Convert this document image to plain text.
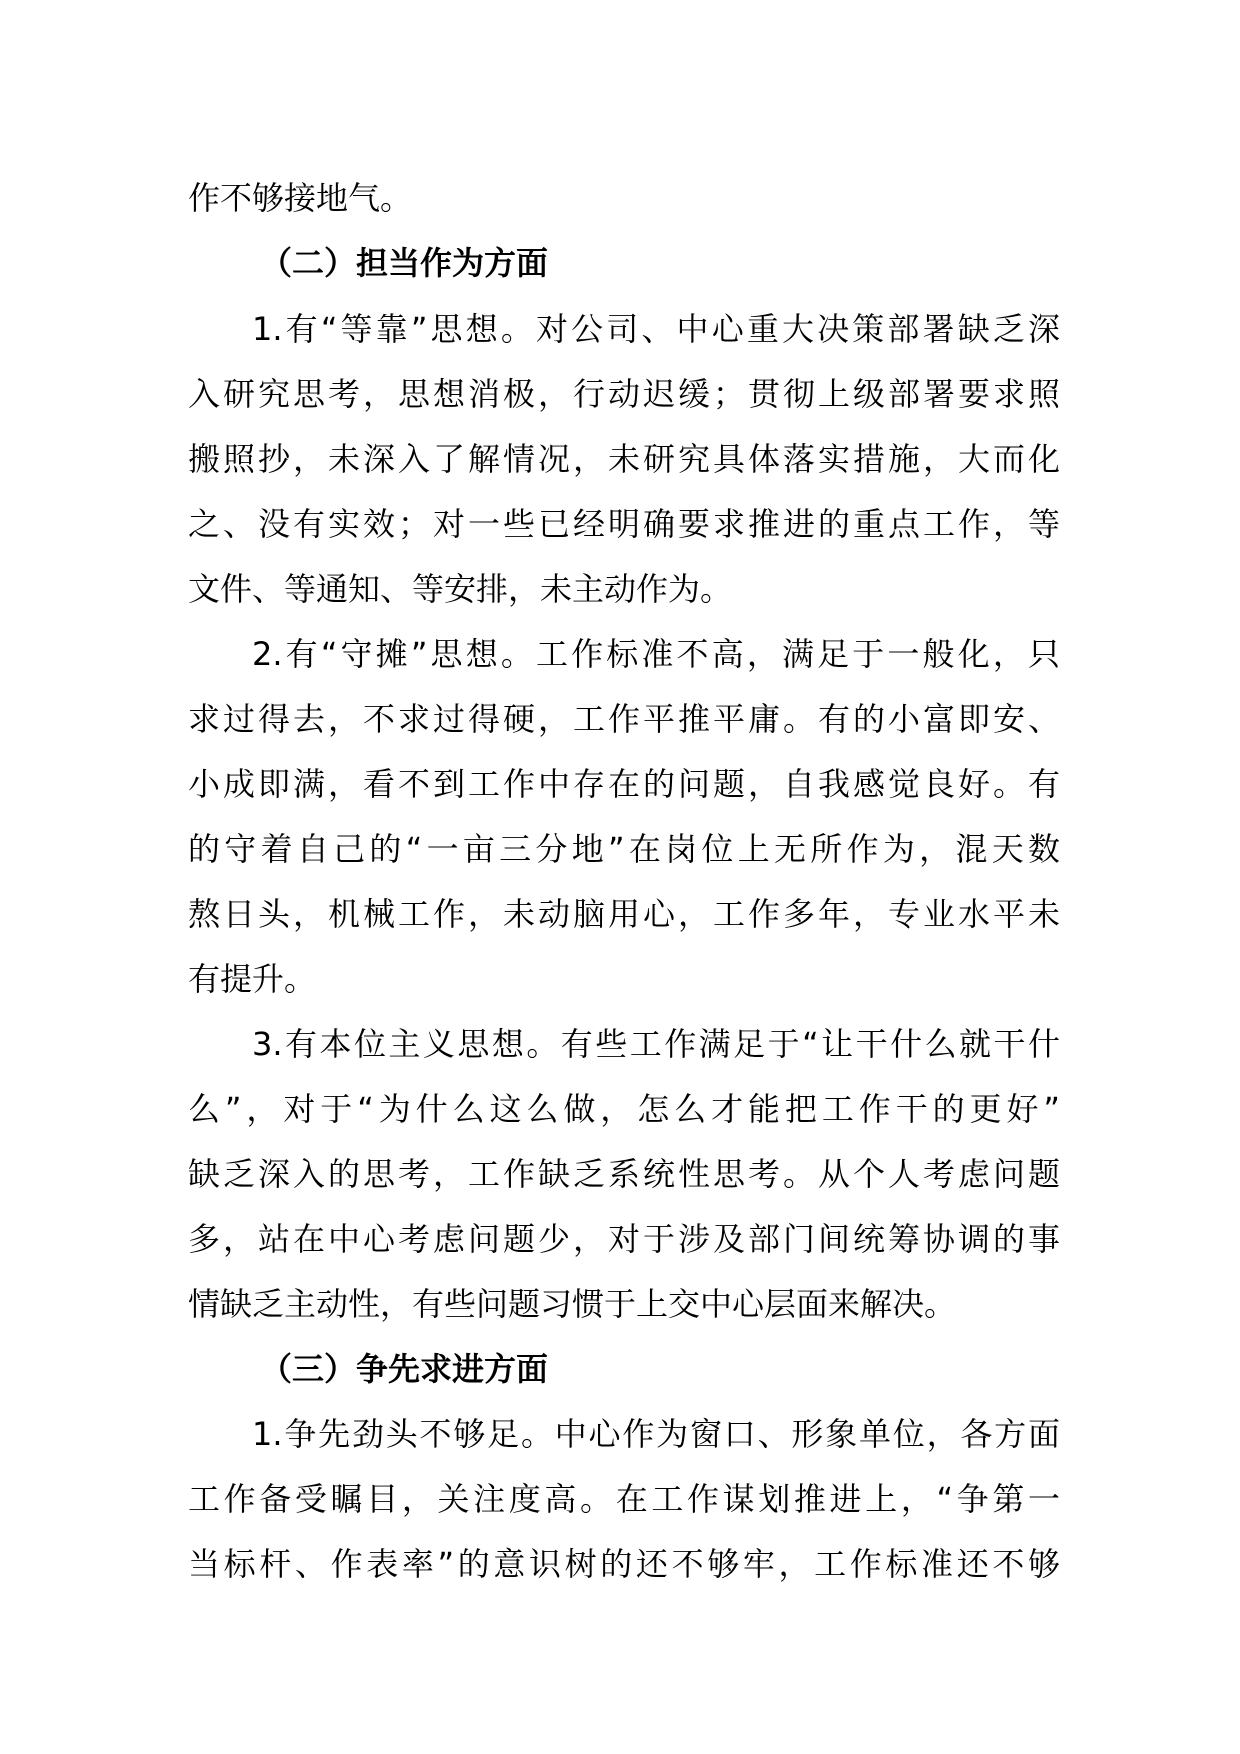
作不够接地气。
（二）担当作为方面
1.有“等靠”思想。对公司、中心重大决策部署缺乏深
入研究思考，思想消极，行动迟缓；贯彻上级部署要求照
搬照抄，未深入了解情况，未研究具体落实措施，大而化
之、没有实效；对一些已经明确要求推进的重点工作，等
文件、等通知、等安排，未主动作为。
2.有“守摊”思想。工作标准不高，满足于一般化，只
求过得去，不求过得硬，工作平推平庸。有的小富即安、
小成即满，看不到工作中存在的问题，自我感觉良好。有
的守着自己的“一亩三分地”在岗位上无所作为，混天数
熬日头，机械工作，未动脑用心，工作多年，专业水平未
有提升。
3.有本位主义思想。有些工作满足于“让干什么就干什
么”，对于“为什么这么做，怎么才能把工作干的更好”
缺乏深入的思考，工作缺乏系统性思考。从个人考虑问题
多，站在中心考虑问题少，对于涉及部门间统筹协调的事
情缺乏主动性，有些问题习惯于上交中心层面来解决。
（三）争先求进方面
1.争先劲头不够足。中心作为窗口、形象单位，各方面
工作备受瞩目，关注度高。在工作谋划推进上，“争第一
当标杆、作表率”的意识树的还不够牢，工作标准还不够
